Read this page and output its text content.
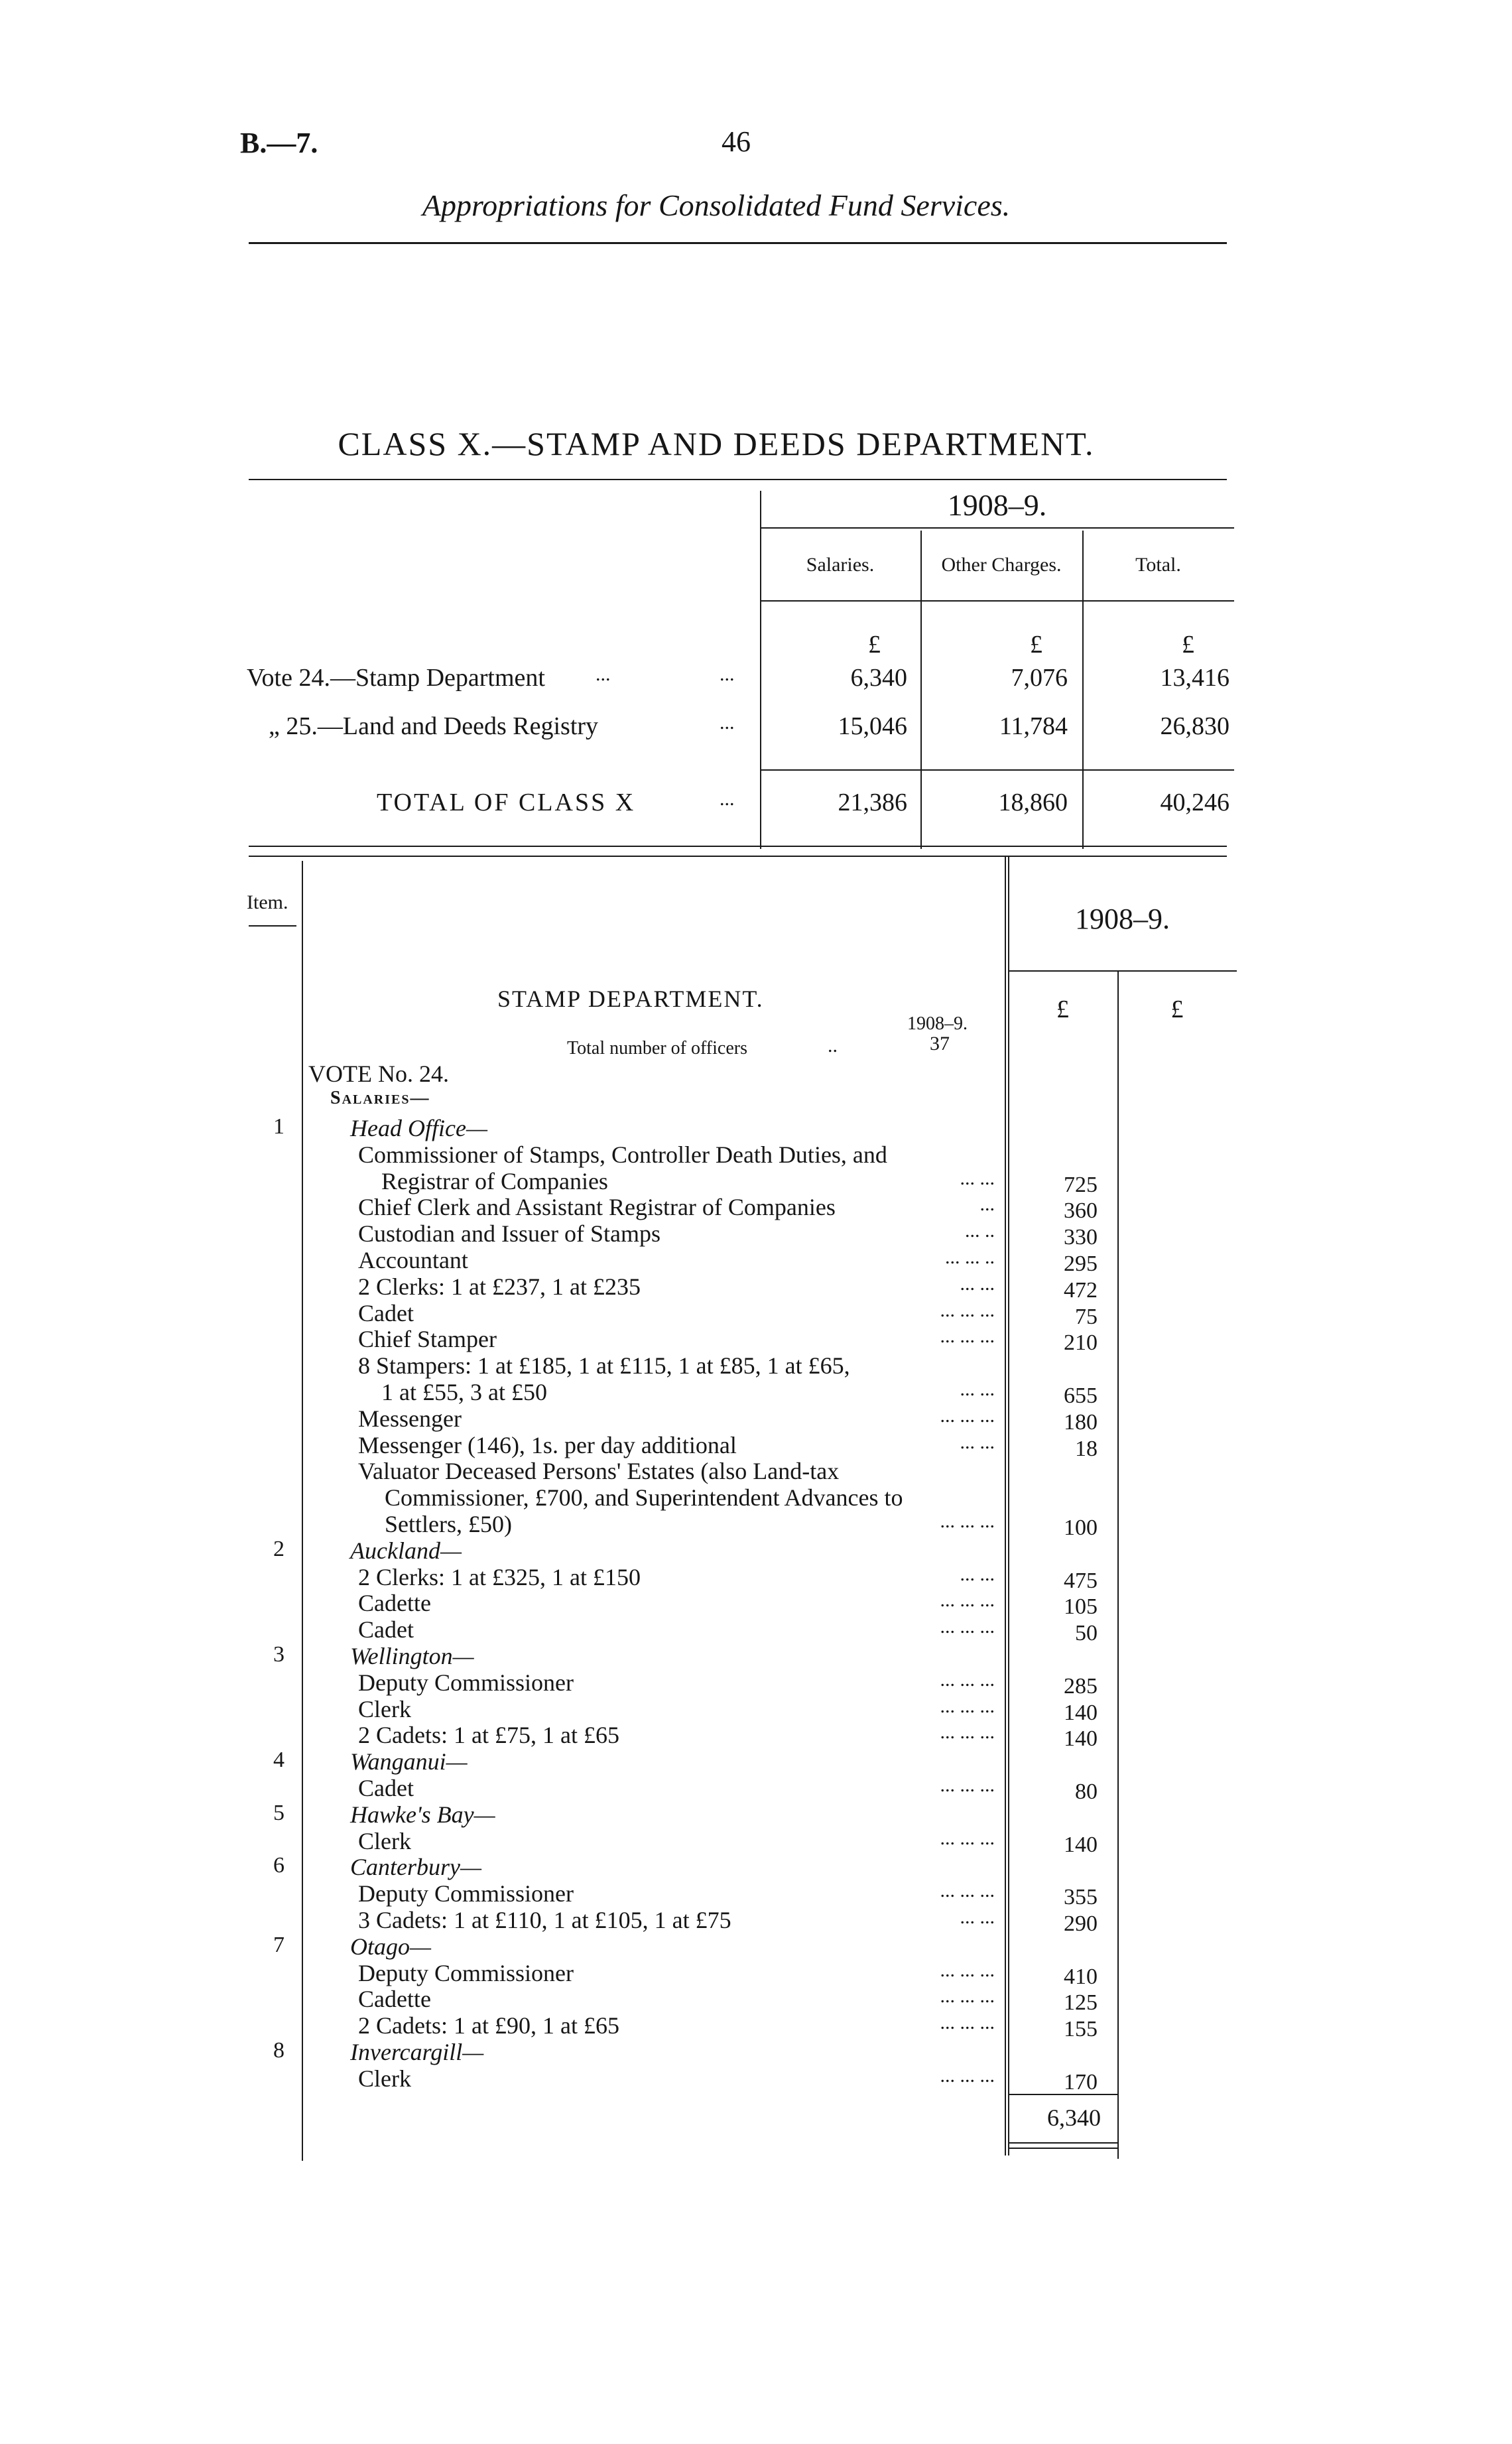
B.—7.	46
Appropriations for Consolidated Fund Services.
CLASS X.—STAMP AND DEEDS DEPARTMENT.
1908–9.
Salaries.	Other Charges.	Total.
£	£	£
Vote 24.—Stamp Department	...	...	6,340	7,076	13,416
„ 25.—Land and Deeds Registry	...	15,046	11,784	26,830
TOTAL OF CLASS X	...	21,386	18,860	40,246
Item.
1908–9.
£	£
STAMP DEPARTMENT.
1908–9.
Total number of officers	..	37
VOTE No. 24.
Salaries—
1	Head Office—
Commissioner of Stamps, Controller Death Duties, and
Registrar of Companies	... ...	725
Chief Clerk and Assistant Registrar of Companies	...	360
Custodian and Issuer of Stamps	... ..	330
Accountant	... ... ..	295
2 Clerks: 1 at £237, 1 at £235	... ...	472
Cadet	... ... ...	75
Chief Stamper	... ... ...	210
8 Stampers: 1 at £185, 1 at £115, 1 at £85, 1 at £65,
1 at £55, 3 at £50	... ...	655
Messenger	... ... ...	180
Messenger (146), 1s. per day additional	... ...	18
Valuator Deceased Persons' Estates (also Land-tax
Commissioner, £700, and Superintendent Advances to
Settlers, £50)	... ... ...	100
2	Auckland—
2 Clerks: 1 at £325, 1 at £150	... ...	475
Cadette	... ... ...	105
Cadet	... ... ...	50
3	Wellington—
Deputy Commissioner	... ... ...	285
Clerk	... ... ...	140
2 Cadets: 1 at £75, 1 at £65	... ... ...	140
4	Wanganui—
Cadet	... ... ...	80
5	Hawke's Bay—
Clerk	... ... ...	140
6	Canterbury—
Deputy Commissioner	... ... ...	355
3 Cadets: 1 at £110, 1 at £105, 1 at £75	... ...	290
7	Otago—
Deputy Commissioner	... ... ...	410
Cadette	... ... ...	125
2 Cadets: 1 at £90, 1 at £65	... ... ...	155
8	Invercargill—
Clerk	... ... ...	170
6,340
